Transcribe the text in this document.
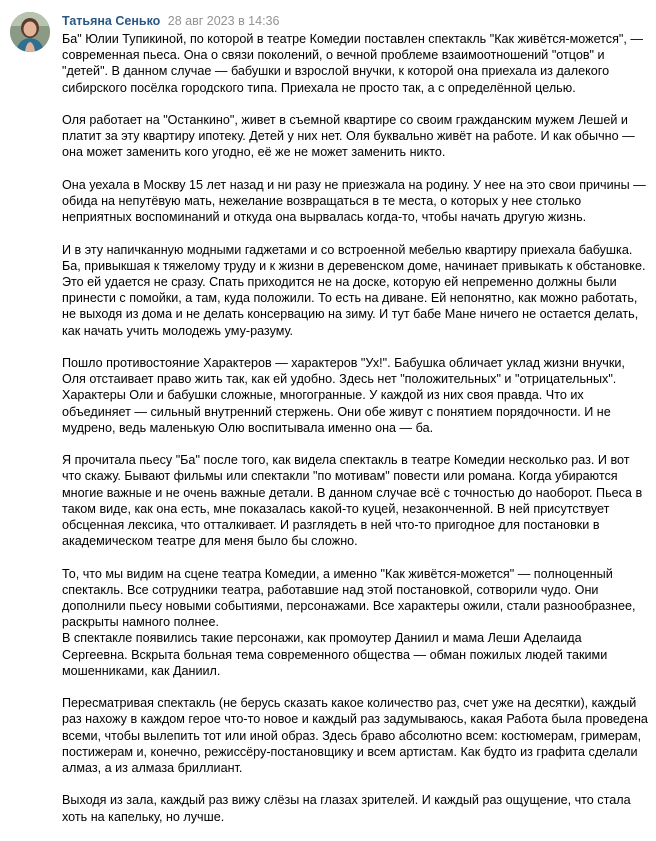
Татьяна Сенько 28 авг 2023 в 14:36

Ба" Юлии Тупикиной, по которой в театре Комедии поставлен спектакль "Как живётся-можется", — современная пьеса. Она о связи поколений, о вечной проблеме взаимоотношений "отцов" и "детей". В данном случае — бабушки и взрослой внучки, к которой она приехала из далекого сибирского посёлка городского типа. Приехала не просто так, а с определённой целью.

Оля работает на "Останкино", живет в съемной квартире со своим гражданским мужем Лешей и платит за эту квартиру ипотеку. Детей у них нет. Оля буквально живёт на работе. И как обычно — она может заменить кого угодно, её же не может заменить никто.

Она уехала в Москву 15 лет назад и ни разу не приезжала на родину. У нее на это свои причины — обида на непутёвую мать, нежелание возвращаться в те места, о которых у нее столько неприятных воспоминаний и откуда она вырвалась когда-то, чтобы начать другую жизнь.

И в эту напичканную модными гаджетами и со встроенной мебелью квартиру приехала бабушка. Ба, привыкшая к тяжелому труду и к жизни в деревенском доме, начинает привыкать к обстановке. Это ей удается не сразу. Спать приходится не на доске, которую ей непременно должны были принести с помойки, а там, куда положили. То есть на диване. Ей непонятно, как можно работать, не выходя из дома и не делать консервацию на зиму. И тут бабе Мане ничего не остается делать, как начать учить молодежь уму-разуму.

Пошло противостояние Характеров — характеров "Ух!". Бабушка обличает уклад жизни внучки, Оля отстаивает право жить так, как ей удобно. Здесь нет "положительных" и "отрицательных". Характеры Оли и бабушки сложные, многогранные. У каждой из них своя правда. Что их объединяет — сильный внутренний стержень. Они обе живут с понятием порядочности. И не мудрено, ведь маленькую Олю воспитывала именно она — ба.

Я прочитала пьесу "Ба" после того, как видела спектакль в театре Комедии несколько раз. И вот что скажу. Бывают фильмы или спектакли "по мотивам" повести или романа. Когда убираются многие важные и не очень важные детали. В данном случае всё с точностью до наоборот. Пьеса в таком виде, как она есть, мне показалась какой-то куцей, незаконченной. В ней присутствует обсценная лексика, что отталкивает. И разглядеть в ней что-то пригодное для постановки в академическом театре для меня было бы сложно.

То, что мы видим на сцене театра Комедии, а именно "Как живётся-можется" — полноценный спектакль. Все сотрудники театра, работавшие над этой постановкой, сотворили чудо. Они дополнили пьесу новыми событиями, персонажами. Все характеры ожили, стали разнообразнее, раскрыты намного полнее.
В спектакле появились такие персонажи, как промоутер Даниил и мама Леши Аделаида Сергеевна. Вскрыта больная тема современного общества — обман пожилых людей такими мошенниками, как Даниил.

Пересматривая спектакль (не берусь сказать какое количество раз, счет уже на десятки), каждый раз нахожу в каждом герое что-то новое и каждый раз задумываюсь, какая Работа была проведена всеми, чтобы вылепить тот или иной образ. Здесь браво абсолютно всем: костюмерам, гримерам, постижерам и, конечно, режиссёру-постановщику и всем артистам. Как будто из графита сделали алмаз, а из алмаза бриллиант.

Выходя из зала, каждый раз вижу слёзы на глазах зрителей. И каждый раз ощущение, что стала хоть на капельку, но лучше.
